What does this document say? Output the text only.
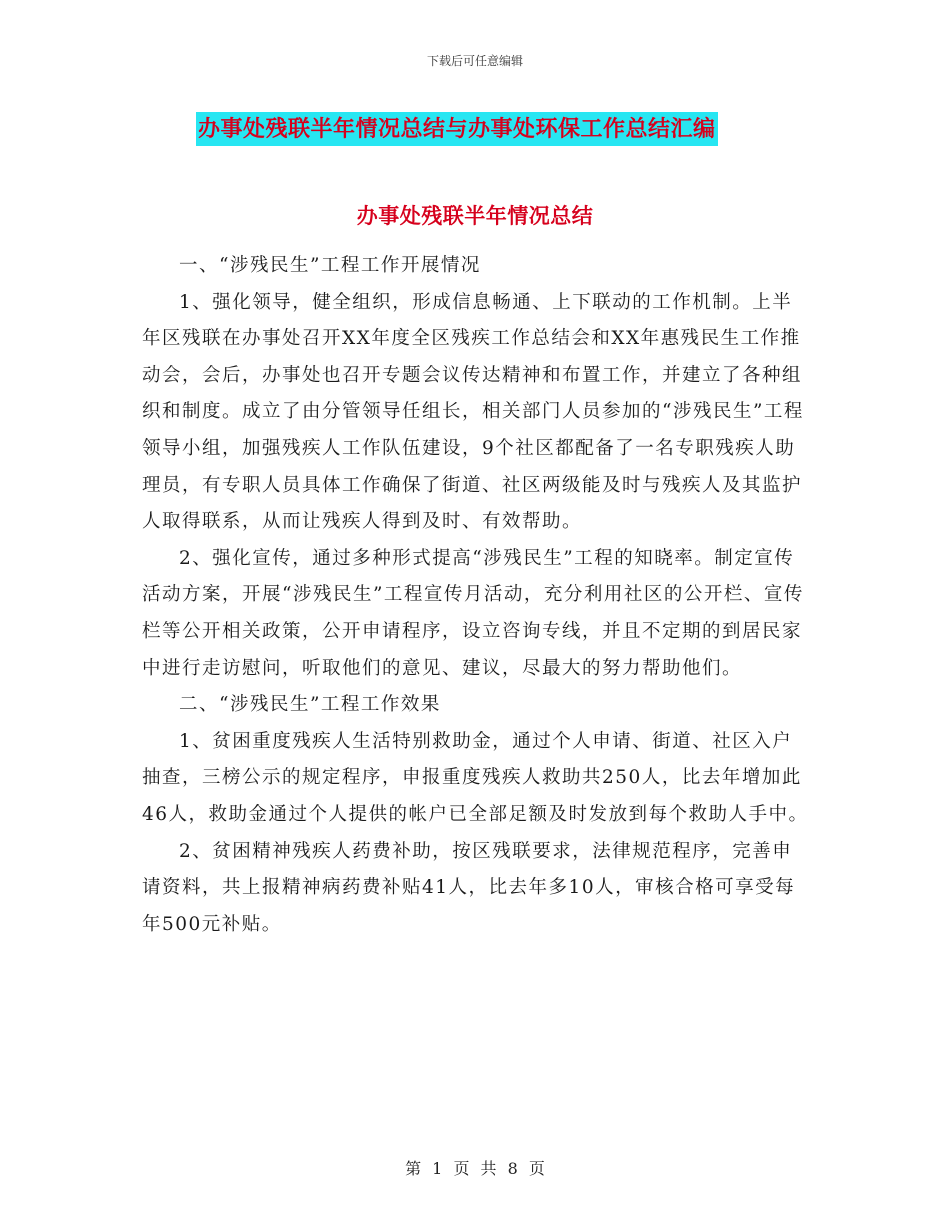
下载后可任意编辑
办事处残联半年情况总结与办事处环保工作总结汇编
办事处残联半年情况总结

一、“涉残民生”工程工作开展情况

1、强化领导，健全组织，形成信息畅通、上下联动的工作机制。上半年区残联在办事处召开XX年度全区残疾工作总结会和XX年惠残民生工作推动会，会后，办事处也召开专题会议传达精神和布置工作，并建立了各种组织和制度。成立了由分管领导任组长，相关部门人员参加的“涉残民生”工程领导小组，加强残疾人工作队伍建设，9个社区都配备了一名专职残疾人助理员，有专职人员具体工作确保了街道、社区两级能及时与残疾人及其监护人取得联系，从而让残疾人得到及时、有效帮助。

2、强化宣传，通过多种形式提高“涉残民生”工程的知晓率。制定宣传活动方案，开展“涉残民生”工程宣传月活动，充分利用社区的公开栏、宣传栏等公开相关政策，公开申请程序，设立咨询专线，并且不定期的到居民家中进行走访慰问，听取他们的意见、建议，尽最大的努力帮助他们。

二、“涉残民生”工程工作效果

1、贫困重度残疾人生活特别救助金，通过个人申请、街道、社区入户抽查，三榜公示的规定程序，申报重度残疾人救助共250人，比去年增加此46人，救助金通过个人提供的帐户已全部足额及时发放到每个救助人手中。

2、贫困精神残疾人药费补助，按区残联要求，法律规范程序，完善申请资料，共上报精神病药费补贴41人，比去年多10人，审核合格可享受每年500元补贴。

第 1 页 共 8 页
